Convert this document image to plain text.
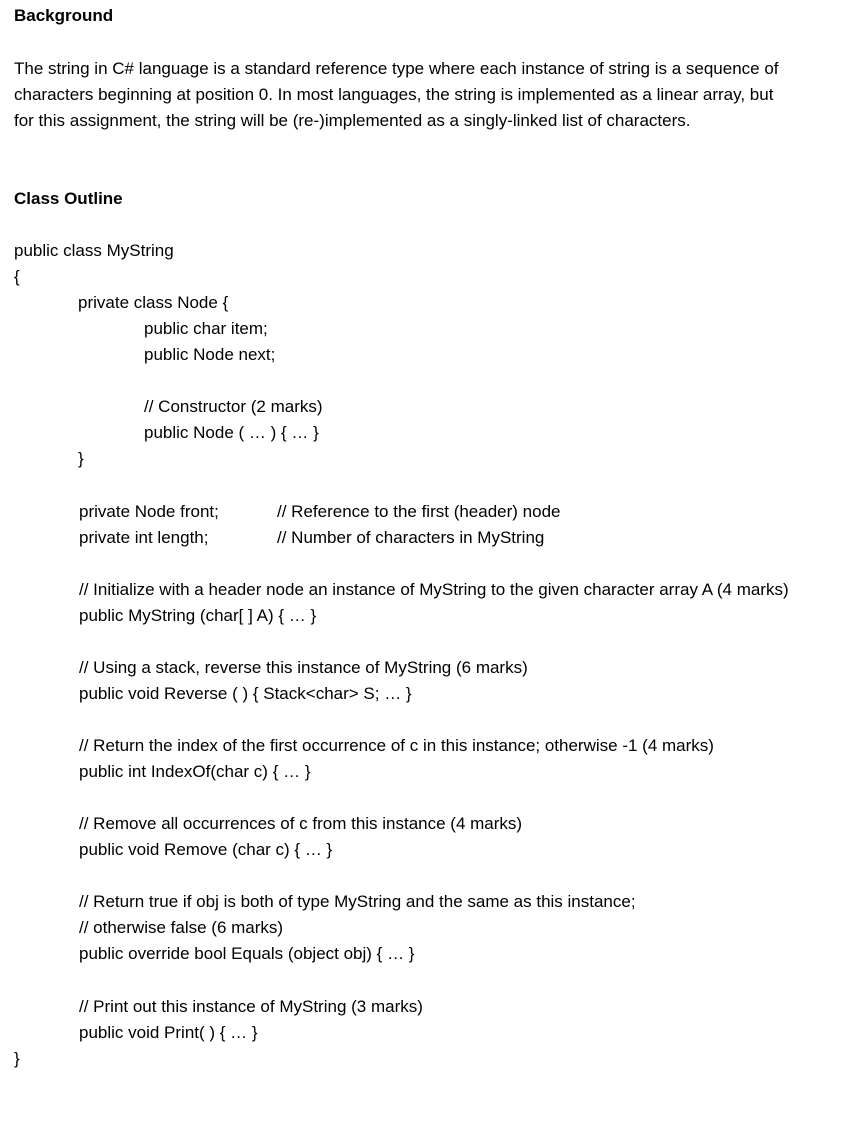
Background

The string in C# language is a standard reference type where each instance of string is a sequence of
characters beginning at position 0. In most languages, the string is implemented as a linear array, but
for this assignment, the string will be (re-)implemented as a singly-linked list of characters.

Class Outline
public class MyString
{
private class Node {
public char item;
public Node next;
// Constructor (2 marks)
public Node ( … ) { … }
}
private Node front;	// Reference to the first (header) node
private int length;	// Number of characters in MyString
// Initialize with a header node an instance of MyString to the given character array A (4 marks)
public MyString (char[ ] A) { … }
// Using a stack, reverse this instance of MyString (6 marks)
public void Reverse ( ) { Stack<char> S; … }
// Return the index of the first occurrence of c in this instance; otherwise -1 (4 marks)
public int IndexOf(char c) { … }
// Remove all occurrences of c from this instance (4 marks)
public void Remove (char c) { … }
// Return true if obj is both of type MyString and the same as this instance;
// otherwise false (6 marks)
public override bool Equals (object obj) { … }
// Print out this instance of MyString (3 marks)
public void Print( ) { … }
}
